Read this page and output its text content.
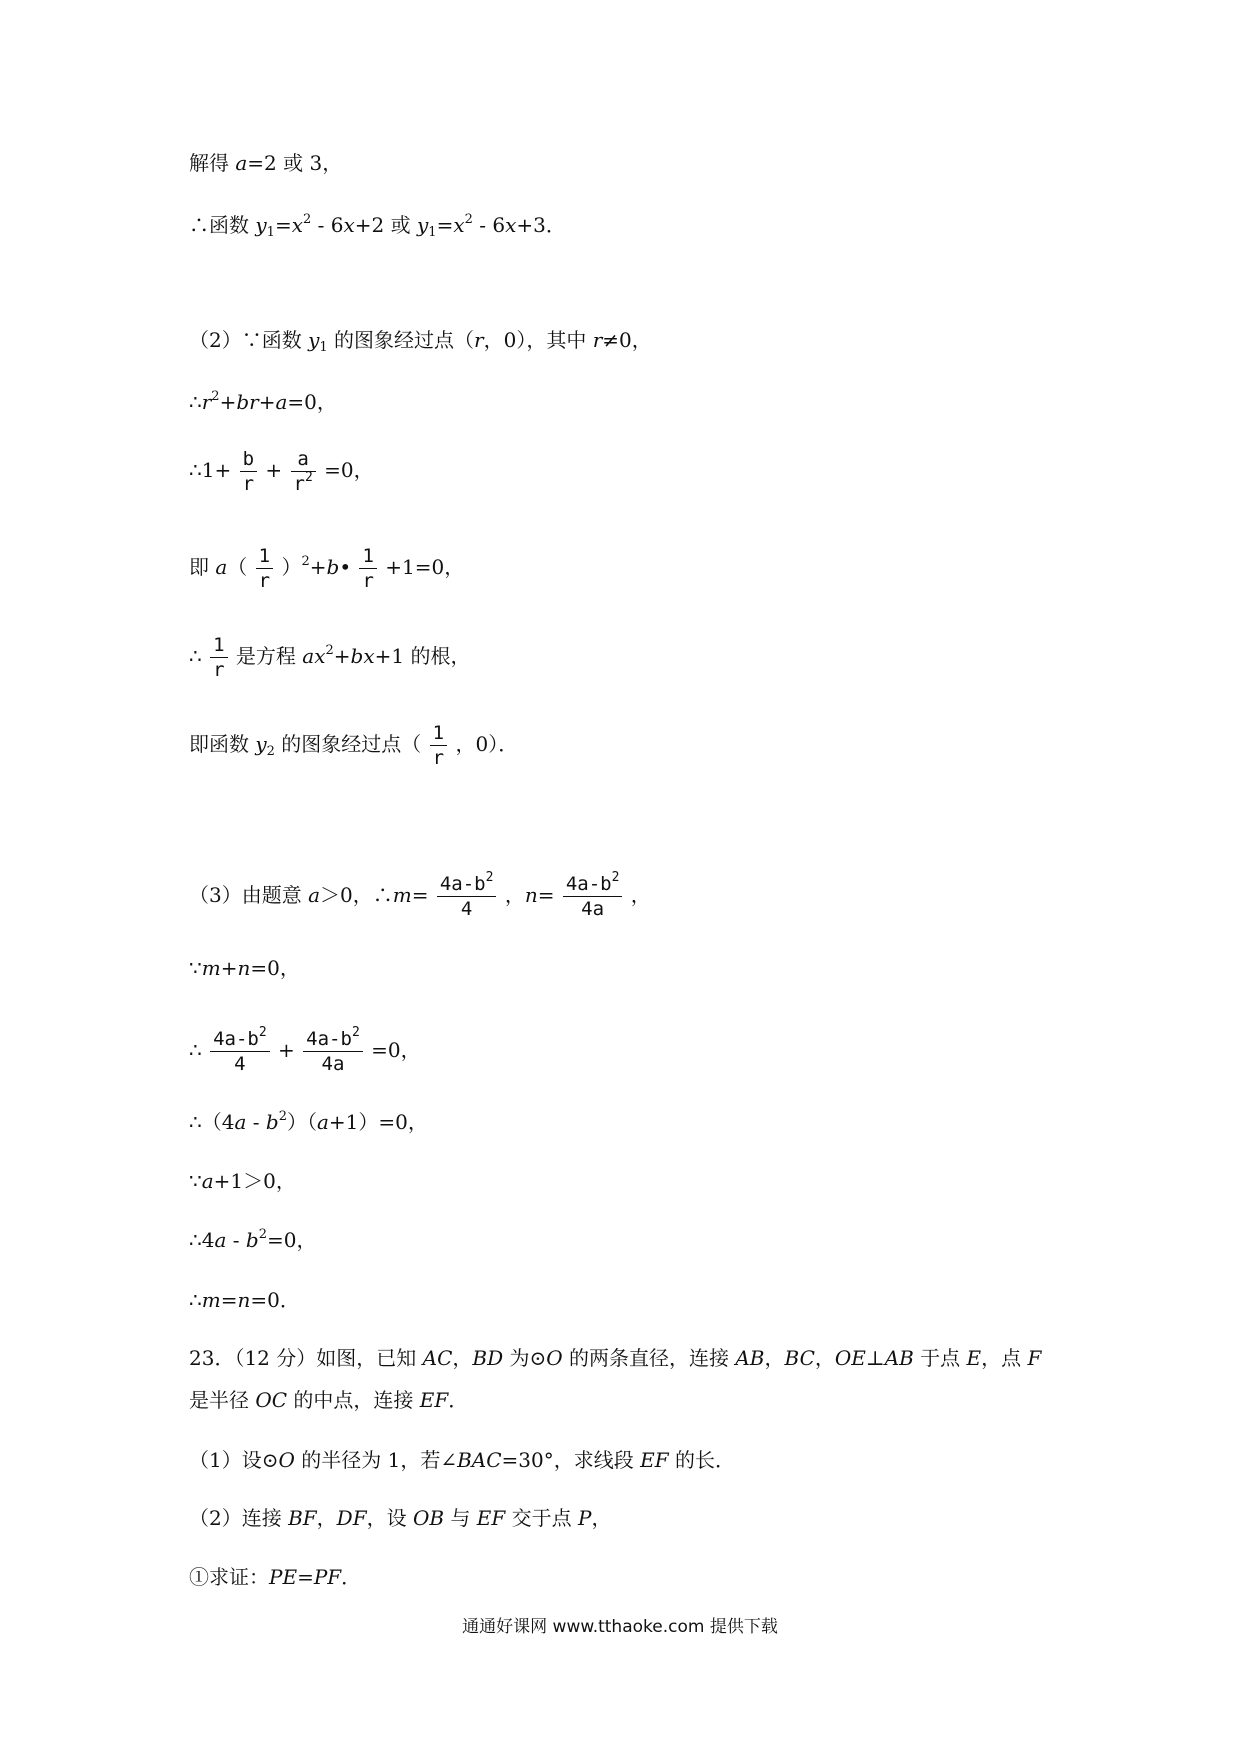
解得 a=2 或 3，
∴函数 $y_1=x^2 - 6x+2$ 或 $y_1=x^2 - 6x+3$．
（2）∵函数 $y_1$ 的图象经过点（r，0），其中 r≠0，
$\therefore r^2+br+a=0$，
∴1+ $\frac{b}{r} + \frac{a}{r^2} =0$，
即 $a( \frac{1}{r}$ ）$^2+b• \frac{1}{r} +1=0$，
∴ $\frac{1}{r}$ 是方程 $ax^2+bx+1$ 的根，
即函数 $y_2$ 的图象经过点（ $\frac{1}{r}$ ，0）．
（3）由题意 a＞0，∴m= $\frac{4a-b^2}{4}$ ，$n= \frac{4a-b^2}{4a}$ ，
∵m+n=0，
∴ $\frac{4a-b^2}{4} + \frac{4a-b^2}{4a} =0$，
∴（4a - $b^2)(a+1)=0$，
∵a+1＞0，
∴4a - $b^2=0$，
∴m=n=0．
23．（12 分）如图，已知 AC，BD 为⊙O 的两条直径，连接 AB，BC，OE⊥AB 于点 E，点 F
是半径 OC 的中点，连接 EF．
（1）设⊙O 的半径为 1，若∠BAC=30°，求线段 EF 的长．
（2）连接 BF，DF，设 OB 与 EF 交于点 P，
①求证：PE=PF．
通通好课网 www.tthaoke.com 提供下载
